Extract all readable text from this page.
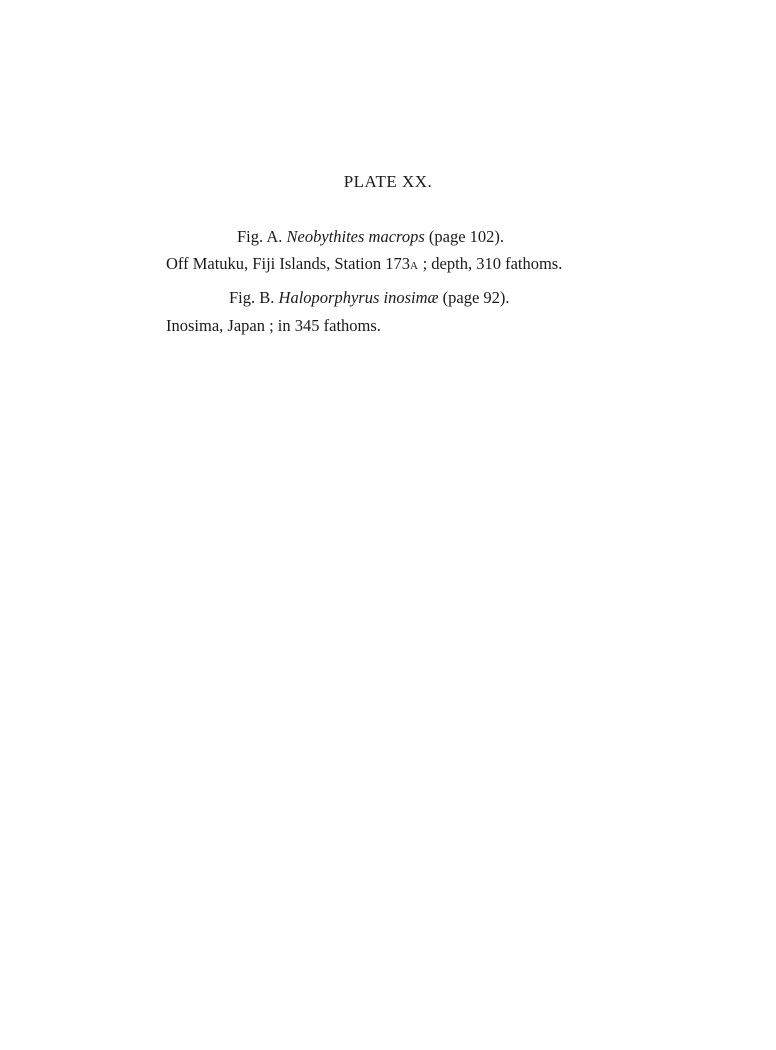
PLATE XX.
Fig. A. Neobythites macrops (page 102).
Off Matuku, Fiji Islands, Station 173A ; depth, 310 fathoms.
Fig. B. Haloporphyrus inosimæ (page 92).
Inosima, Japan ; in 345 fathoms.
